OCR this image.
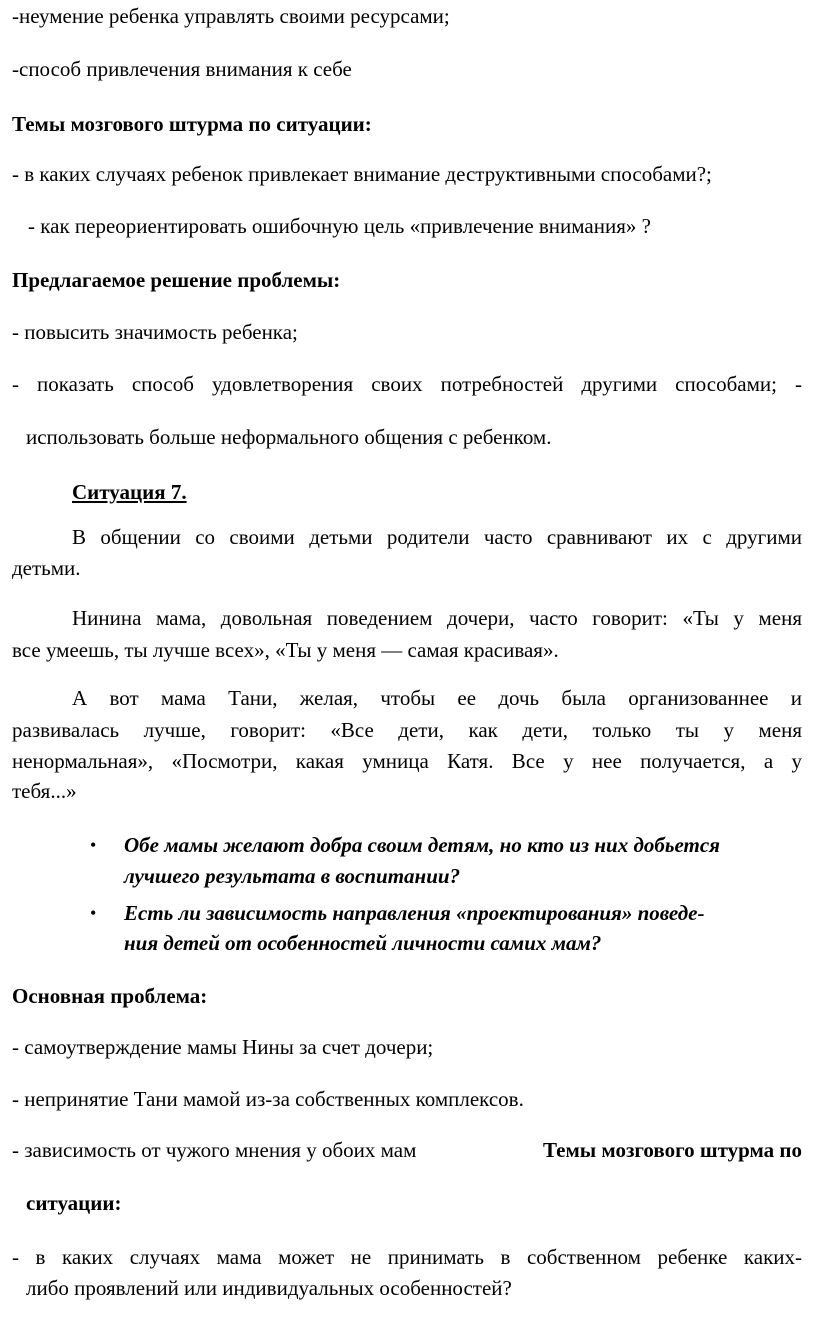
-неумение ребенка управлять своими ресурсами;

-способ привлечения внимания к себе

Темы мозгового штурма по ситуации:

- в каких случаях ребенок привлекает внимание деструктивными способами?;

- как переориентировать ошибочную цель «привлечение внимания» ?

Предлагаемое решение проблемы:

- повысить значимость ребенка;

- показать способ удовлетворения своих потребностей другими способами; -

использовать больше неформального общения с ребенком.

Ситуация 7.

В общении со своими детьми родители часто сравнивают их с другими

детьми.

Нинина мама, довольная поведением дочери, часто говорит: «Ты у меня

все умеешь, ты лучше всех», «Ты у меня — самая красивая».

А вот мама Тани, желая, чтобы ее дочь была организованнее и

развивалась лучше, говорит: «Все дети, как дети, только ты у меня

ненормальная», «Посмотри, какая умница Катя. Все у нее получается, а у

тебя...»

• Обе мамы желают добра своим детям, но кто из них добьется

лучшего результата в воспитании?

• Есть ли зависимость направления «проектирования» поведе-

ния детей от особенностей личности самих мам?

Основная проблема:

- самоутверждение мамы Нины за счет дочери;

- непринятие Тани мамой из-за собственных комплексов.

- зависимость от чужого мнения у обоих мам	Темы мозгового штурма по

ситуации:

- в каких случаях мама может не принимать в собственном ребенке каких-

либо проявлений или индивидуальных особенностей?
